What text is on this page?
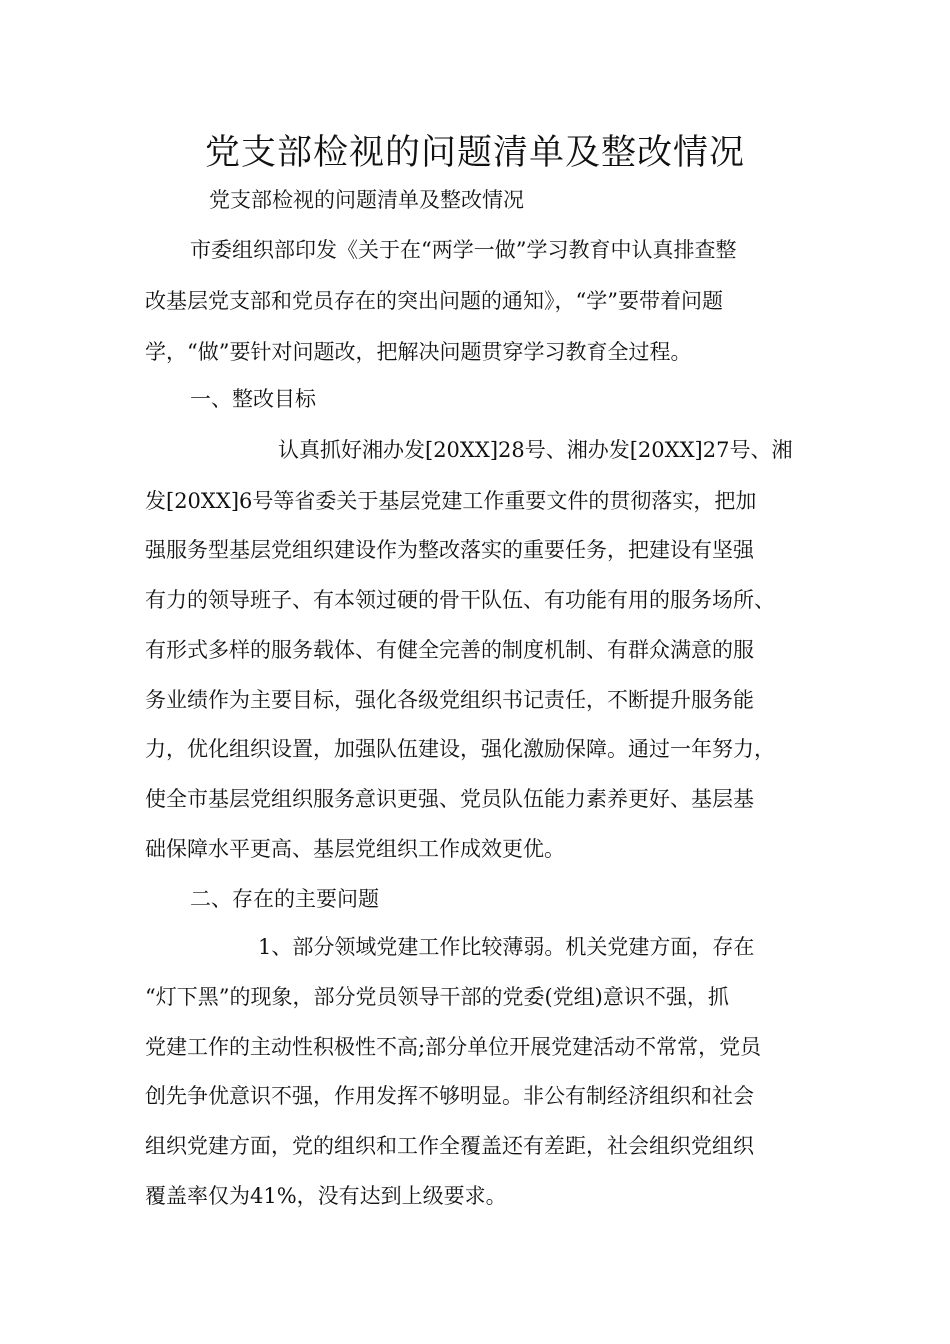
党支部检视的问题清单及整改情况

党支部检视的问题清单及整改情况

市委组织部印发《关于在“两学一做”学习教育中认真排查整

改基层党支部和党员存在的突出问题的通知》，“学”要带着问题

学，“做”要针对问题改，把解决问题贯穿学习教育全过程。

一、整改目标

认真抓好湘办发[20XX]28号、湘办发[20XX]27号、湘

发[20XX]6号等省委关于基层党建工作重要文件的贯彻落实，把加

强服务型基层党组织建设作为整改落实的重要任务，把建设有坚强

有力的领导班子、有本领过硬的骨干队伍、有功能有用的服务场所、

有形式多样的服务载体、有健全完善的制度机制、有群众满意的服

务业绩作为主要目标，强化各级党组织书记责任，不断提升服务能

力，优化组织设置，加强队伍建设，强化激励保障。通过一年努力，

使全市基层党组织服务意识更强、党员队伍能力素养更好、基层基

础保障水平更高、基层党组织工作成效更优。

二、存在的主要问题

1、部分领域党建工作比较薄弱。机关党建方面，存在

“灯下黑”的现象，部分党员领导干部的党委(党组)意识不强，抓

党建工作的主动性积极性不高;部分单位开展党建活动不常常，党员

创先争优意识不强，作用发挥不够明显。非公有制经济组织和社会

组织党建方面，党的组织和工作全覆盖还有差距，社会组织党组织

覆盖率仅为41%，没有达到上级要求。
